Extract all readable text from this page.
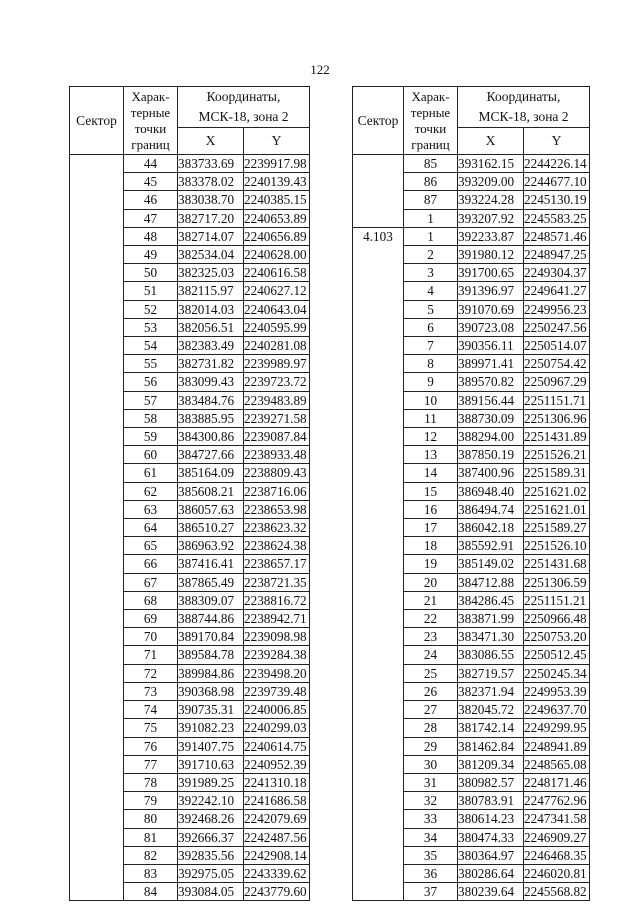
122
Сектор	Харак-
терные
точки
границ	Координаты,
МСК-18, зона 2	
		X	Y
	44	383733.69	2239917.98
	45	383378.02	2240139.43
	46	383038.70	2240385.15
	47	382717.20	2240653.89
	48	382714.07	2240656.89
	49	382534.04	2240628.00
	50	382325.03	2240616.58
	51	382115.97	2240627.12
	52	382014.03	2240643.04
	53	382056.51	2240595.99
	54	382383.49	2240281.08
	55	382731.82	2239989.97
	56	383099.43	2239723.72
	57	383484.76	2239483.89
	58	383885.95	2239271.58
	59	384300.86	2239087.84
	60	384727.66	2238933.48
	61	385164.09	2238809.43
	62	385608.21	2238716.06
	63	386057.63	2238653.98
	64	386510.27	2238623.32
	65	386963.92	2238624.38
	66	387416.41	2238657.17
	67	387865.49	2238721.35
	68	388309.07	2238816.72
	69	388744.86	2238942.71
	70	389170.84	2239098.98
	71	389584.78	2239284.38
	72	389984.86	2239498.20
	73	390368.98	2239739.48
	74	390735.31	2240006.85
	75	391082.23	2240299.03
	76	391407.75	2240614.75
	77	391710.63	2240952.39
	78	391989.25	2241310.18
	79	392242.10	2241686.58
	80	392468.26	2242079.69
	81	392666.37	2242487.56
	82	392835.56	2242908.14
	83	392975.05	2243339.62
	84	393084.05	2243779.60
Сектор	Харак-
терные
точки
границ	Координаты,
МСК-18, зона 2	
		X	Y
	85	393162.15	2244226.14
	86	393209.00	2244677.10
	87	393224.28	2245130.19
	1	393207.92	2245583.25
4.103	1	392233.87	2248571.46
	2	391980.12	2248947.25
	3	391700.65	2249304.37
	4	391396.97	2249641.27
	5	391070.69	2249956.23
	6	390723.08	2250247.56
	7	390356.11	2250514.07
	8	389971.41	2250754.42
	9	389570.82	2250967.29
	10	389156.44	2251151.71
	11	388730.09	2251306.96
	12	388294.00	2251431.89
	13	387850.19	2251526.21
	14	387400.96	2251589.31
	15	386948.40	2251621.02
	16	386494.74	2251621.01
	17	386042.18	2251589.27
	18	385592.91	2251526.10
	19	385149.02	2251431.68
	20	384712.88	2251306.59
	21	384286.45	2251151.21
	22	383871.99	2250966.48
	23	383471.30	2250753.20
	24	383086.55	2250512.45
	25	382719.57	2250245.34
	26	382371.94	2249953.39
	27	382045.72	2249637.70
	28	381742.14	2249299.95
	29	381462.84	2248941.89
	30	381209.34	2248565.08
	31	380982.57	2248171.46
	32	380783.91	2247762.96
	33	380614.23	2247341.58
	34	380474.33	2246909.27
	35	380364.97	2246468.35
	36	380286.64	2246020.81
	37	380239.64	2245568.82
